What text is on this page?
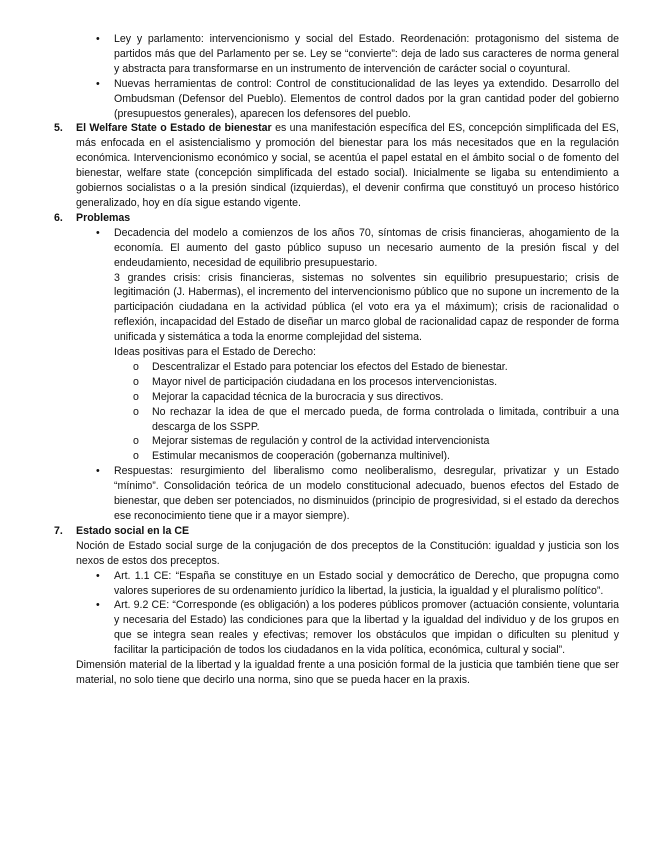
• Ley y parlamento: intervencionismo y social del Estado. Reordenación: protagonismo del sistema de partidos más que del Parlamento per se. Ley se “convierte”: deja de lado sus caracteres de norma general y abstracta para transformarse en un instrumento de intervención de carácter social o coyuntural.

• Nuevas herramientas de control: Control de constitucionalidad de las leyes ya extendido. Desarrollo del Ombudsman (Defensor del Pueblo). Elementos de control dados por la gran cantidad poder del gobierno (presupuestos generales), aparecen los defensores del pueblo.

5. El Welfare State o Estado de bienestar es una manifestación específica del ES, concepción simplificada del ES, más enfocada en el asistencialismo y promoción del bienestar para los más necesitados que en la regulación económica. Intervencionismo económico y social, se acentúa el papel estatal en el ámbito social o de fomento del bienestar, welfare state (concepción simplificada del estado social). Inicialmente se ligaba su entendimiento a gobiernos socialistas o a la presión sindical (izquierdas), el devenir confirma que constituyó un proceso histórico generalizado, hoy en día sigue estando vigente.

6. Problemas

• Decadencia del modelo a comienzos de los años 70, síntomas de crisis financieras, ahogamiento de la economía. El aumento del gasto público supuso un necesario aumento de la presión fiscal y del endeudamiento, necesidad de equilibrio presupuestario.

3 grandes crisis: crisis financieras, sistemas no solventes sin equilibrio presupuestario; crisis de legitimación (J. Habermas), el incremento del intervencionismo público que no supone un incremento de la participación ciudadana en la actividad pública (el voto era ya el máximum); crisis de racionalidad o reflexión, incapacidad del Estado de diseñar un marco global de racionalidad capaz de responder de forma unificada y sistemática a toda la enorme complejidad del sistema.

Ideas positivas para el Estado de Derecho:

o Descentralizar el Estado para potenciar los efectos del Estado de bienestar.

o Mayor nivel de participación ciudadana en los procesos intervencionistas.

o Mejorar la capacidad técnica de la burocracia y sus directivos.

o No rechazar la idea de que el mercado pueda, de forma controlada o limitada, contribuir a una descarga de los SSPP.

o Mejorar sistemas de regulación y control de la actividad intervencionista

o Estimular mecanismos de cooperación (gobernanza multinivel).

• Respuestas: resurgimiento del liberalismo como neoliberalismo, desregular, privatizar y un Estado “mínimo”. Consolidación teórica de un modelo constitucional adecuado, buenos efectos del Estado de bienestar, que deben ser potenciados, no disminuidos (principio de progresividad, si el estado da derechos ese reconocimiento tiene que ir a mayor siempre).

7. Estado social en la CE

Noción de Estado social surge de la conjugación de dos preceptos de la Constitución: igualdad y justicia son los nexos de estos dos preceptos.

• Art. 1.1 CE: “España se constituye en un Estado social y democrático de Derecho, que propugna como valores superiores de su ordenamiento jurídico la libertad, la justicia, la igualdad y el pluralismo político”.

• Art. 9.2 CE: “Corresponde (es obligación) a los poderes públicos promover (actuación consiente, voluntaria y necesaria del Estado) las condiciones para que la libertad y la igualdad del individuo y de los grupos en que se integra sean reales y efectivas; remover los obstáculos que impidan o dificulten su plenitud y facilitar la participación de todos los ciudadanos en la vida política, económica, cultural y social”.

Dimensión material de la libertad y la igualdad frente a una posición formal de la justicia que también tiene que ser material, no solo tiene que decirlo una norma, sino que se pueda hacer en la praxis.
